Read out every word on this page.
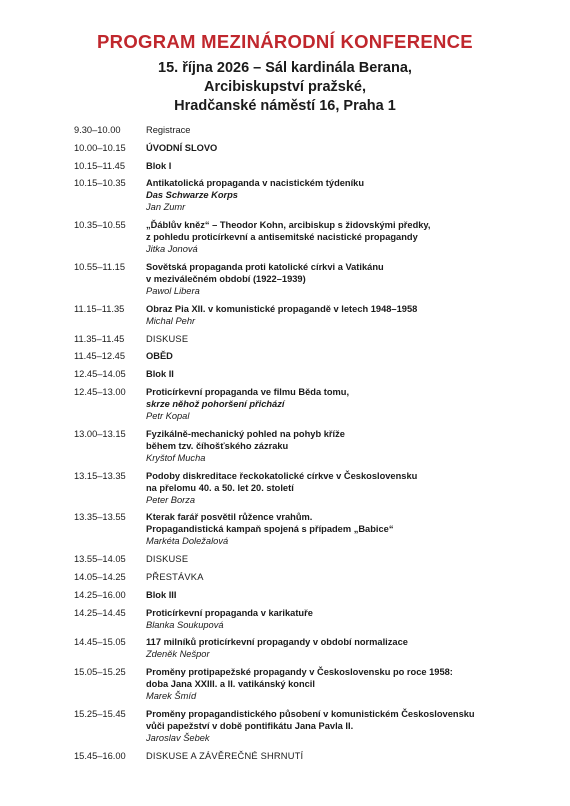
PROGRAM MEZINÁRODNÍ KONFERENCE
15. října 2026 – Sál kardinála Berana,
Arcibiskupství pražské,
Hradčanské náměstí 16, Praha 1
9.30–10.00	Registrace
10.00–10.15	ÚVODNÍ SLOVO
10.15–11.45	Blok I
10.15–10.35	Antikatolická propaganda v nacistickém týdeníku
Das Schwarze Korps
Jan Zumr
10.35–10.55	„Ďáblův kněz“ – Theodor Kohn, arcibiskup s židovskými předky,
z pohledu proticírkevní a antisemitské nacistické propagandy
Jitka Jonová
10.55–11.15	Sovětská propaganda proti katolické církvi a Vatikánu
v meziválečném období (1922–1939)
Pawol Libera
11.15–11.35	Obraz Pia XII. v komunistické propagandě v letech 1948–1958
Michal Pehr
11.35–11.45	DISKUSE
11.45–12.45	OBĚD
12.45–14.05	Blok II
12.45–13.00	Proticírkevní propaganda ve filmu Běda tomu,
skrze něhož pohoršení přichází
Petr Kopal
13.00–13.15	Fyzikálně-mechanický pohled na pohyb kříže
během tzv. číhošťského zázraku
Kryštof Mucha
13.15–13.35	Podoby diskreditace řeckokatolické církve v Československu
na přelomu 40. a 50. let 20. století
Peter Borza
13.35–13.55	Kterak farář posvětil růžence vrahům.
Propagandistická kampaň spojená s případem „Babice“
Markéta Doležalová
13.55–14.05	DISKUSE
14.05–14.25	PŘESTÁVKA
14.25–16.00	Blok III
14.25–14.45	Proticírkevní propaganda v karikatuře
Blanka Soukupová
14.45–15.05	117 milníků proticírkevní propagandy v období normalizace
Zdeněk Nešpor
15.05–15.25	Proměny protipapežské propagandy v Československu po roce 1958:
doba Jana XXIII. a II. vatikánský koncil
Marek Šmíd
15.25–15.45	Proměny propagandistického působení v komunistickém Československu
vůči papežství v době pontifikátu Jana Pavla II.
Jaroslav Šebek
15.45–16.00	DISKUSE A ZÁVĚREČNÉ SHRNUTÍ
